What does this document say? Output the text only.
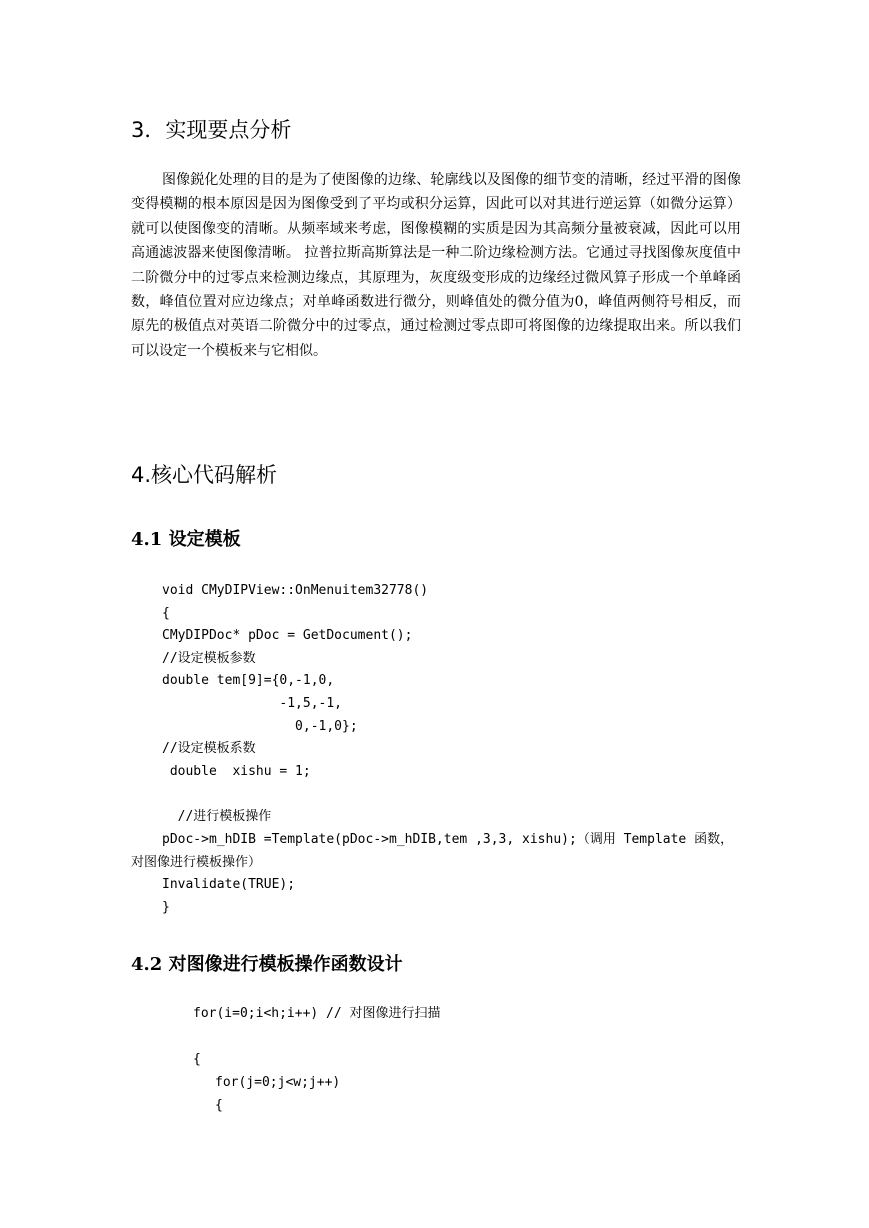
3．实现要点分析

图像鋭化处理的目的是为了使图像的边缘、轮廓线以及图像的细节变的清晰，经过平滑的图像变得模糊的根本原因是因为图像受到了平均或积分运算，因此可以对其进行逆运算（如微分运算）就可以使图像变的清晰。从频率域来考虑，图像模糊的实质是因为其高频分量被衰减，因此可以用高通滤波器来使图像清晰。 拉普拉斯高斯算法是一种二阶边缘检测方法。它通过寻找图像灰度值中二阶微分中的过零点来检测边缘点，其原理为，灰度级变形成的边缘经过微风算子形成一个单峰函数，峰值位置对应边缘点；对单峰函数进行微分，则峰值处的微分值为0，峰值两侧符号相反，而原先的极值点对英语二阶微分中的过零点，通过检测过零点即可将图像的边缘提取出来。所以我们可以设定一个模板来与它相似。

4.核心代码解析
4.1 设定模板
void CMyDIPView::OnMenuitem32778()
{
CMyDIPDoc* pDoc = GetDocument();
//设定模板参数
double tem[9]={0,-1,0,
-1,5,-1,
0,-1,0};
//设定模板系数
double  xishu = 1;

//进行模板操作

pDoc->m_hDIB =Template(pDoc->m_hDIB,tem ,3,3, xishu);（调用 Template 函数，对图像进行模板操作）

Invalidate(TRUE);
}
4.2 对图像进行模板操作函数设计
for(i=0;i<h;i++) // 对图像进行扫描
{
for(j=0;j<w;j++)
{
